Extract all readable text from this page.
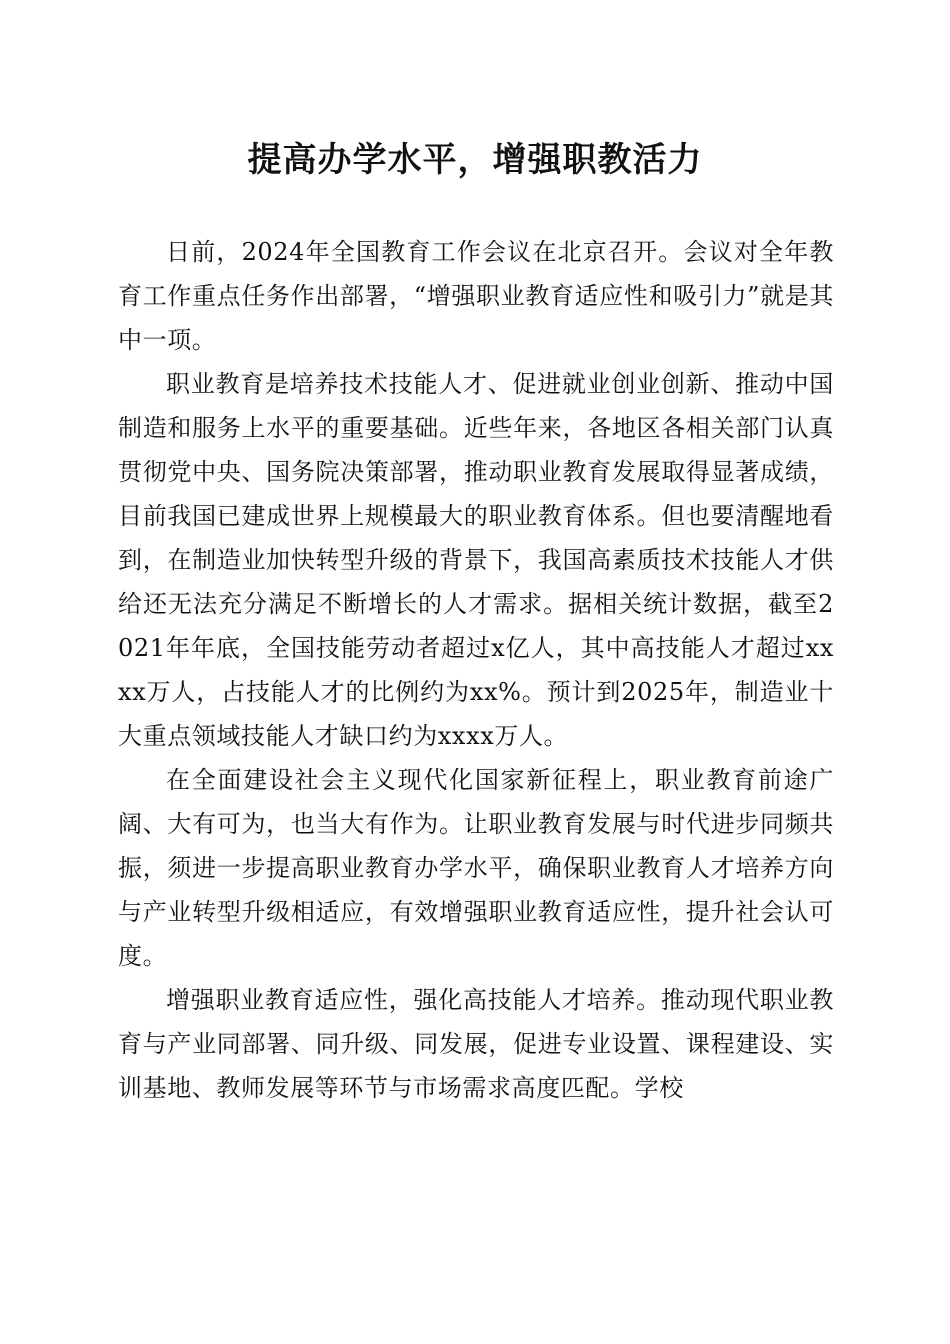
提高办学水平，增强职教活力

日前，2024年全国教育工作会议在北京召开。会议对全年教育工作重点任务作出部署，“增强职业教育适应性和吸引力”就是其中一项。

职业教育是培养技术技能人才、促进就业创业创新、推动中国制造和服务上水平的重要基础。近些年来，各地区各相关部门认真贯彻党中央、国务院决策部署，推动职业教育发展取得显著成绩，目前我国已建成世界上规模最大的职业教育体系。但也要清醒地看到，在制造业加快转型升级的背景下，我国高素质技术技能人才供给还无法充分满足不断增长的人才需求。据相关统计数据，截至2021年年底，全国技能劳动者超过x亿人，其中高技能人才超过xxxx万人，占技能人才的比例约为xx%。预计到2025年，制造业十大重点领域技能人才缺口约为xxxx万人。

在全面建设社会主义现代化国家新征程上，职业教育前途广阔、大有可为，也当大有作为。让职业教育发展与时代进步同频共振，须进一步提高职业教育办学水平，确保职业教育人才培养方向与产业转型升级相适应，有效增强职业教育适应性，提升社会认可度。

增强职业教育适应性，强化高技能人才培养。推动现代职业教育与产业同部署、同升级、同发展，促进专业设置、课程建设、实训基地、教师发展等环节与市场需求高度匹配。学校
